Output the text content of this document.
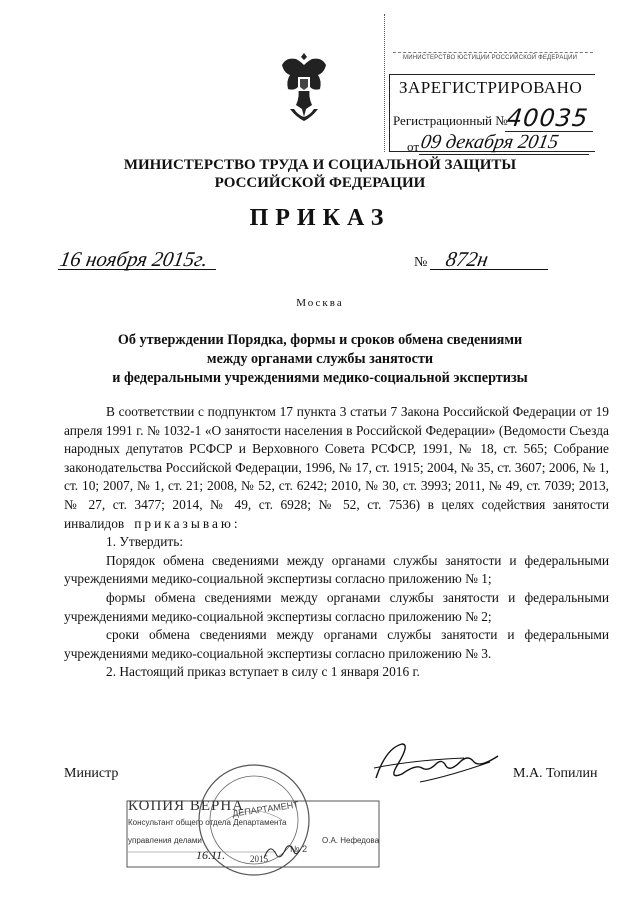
МИНИСТЕРСТВО ЮСТИЦИИ РОССИЙСКОЙ ФЕДЕРАЦИИ
ЗАРЕГИСТРИРОВАНО
Регистрационный №
40035
от 09 декабря 2015
МИНИСТЕРСТВО ТРУДА И СОЦИАЛЬНОЙ ЗАЩИТЫ
РОССИЙСКОЙ ФЕДЕРАЦИИ
ПРИКАЗ
16 ноября 2015г.	№ 872н
Москва
Об утверждении Порядка, формы и сроков обмена сведениями
между органами службы занятости
и федеральными учреждениями медико-социальной экспертизы

В соответствии с подпунктом 17 пункта 3 статьи 7 Закона Российской Федерации от 19 апреля 1991 г. № 1032-1 «О занятости населения в Российской Федерации» (Ведомости Съезда народных депутатов РСФСР и Верховного Совета РСФСР, 1991, № 18, ст. 565; Собрание законодательства Российской Федерации, 1996, № 17, ст. 1915; 2004, № 35, ст. 3607; 2006, № 1, ст. 10; 2007, № 1, ст. 21; 2008, № 52, ст. 6242; 2010, № 30, ст. 3993; 2011, № 49, ст. 7039; 2013, № 27, ст. 3477; 2014, № 49, ст. 6928; № 52, ст. 7536) в целях содействия занятости инвалидов приказываю:

1. Утвердить:

Порядок обмена сведениями между органами службы занятости и федеральными учреждениями медико-социальной экспертизы согласно приложению № 1;

формы обмена сведениями между органами службы занятости и федеральными учреждениями медико-социальной экспертизы согласно приложению № 2;

сроки обмена сведениями между органами службы занятости и федеральными учреждениями медико-социальной экспертизы согласно приложению № 3.

2. Настоящий приказ вступает в силу с 1 января 2016 г.

Министр	М.А. Топилин
ДЕПАРТАМЕНТ
№ 2
КОПИЯ ВЕРНА
Консультант общего отдела Департамента
управления делами	О.А. Нефедова
16.11.	2015
